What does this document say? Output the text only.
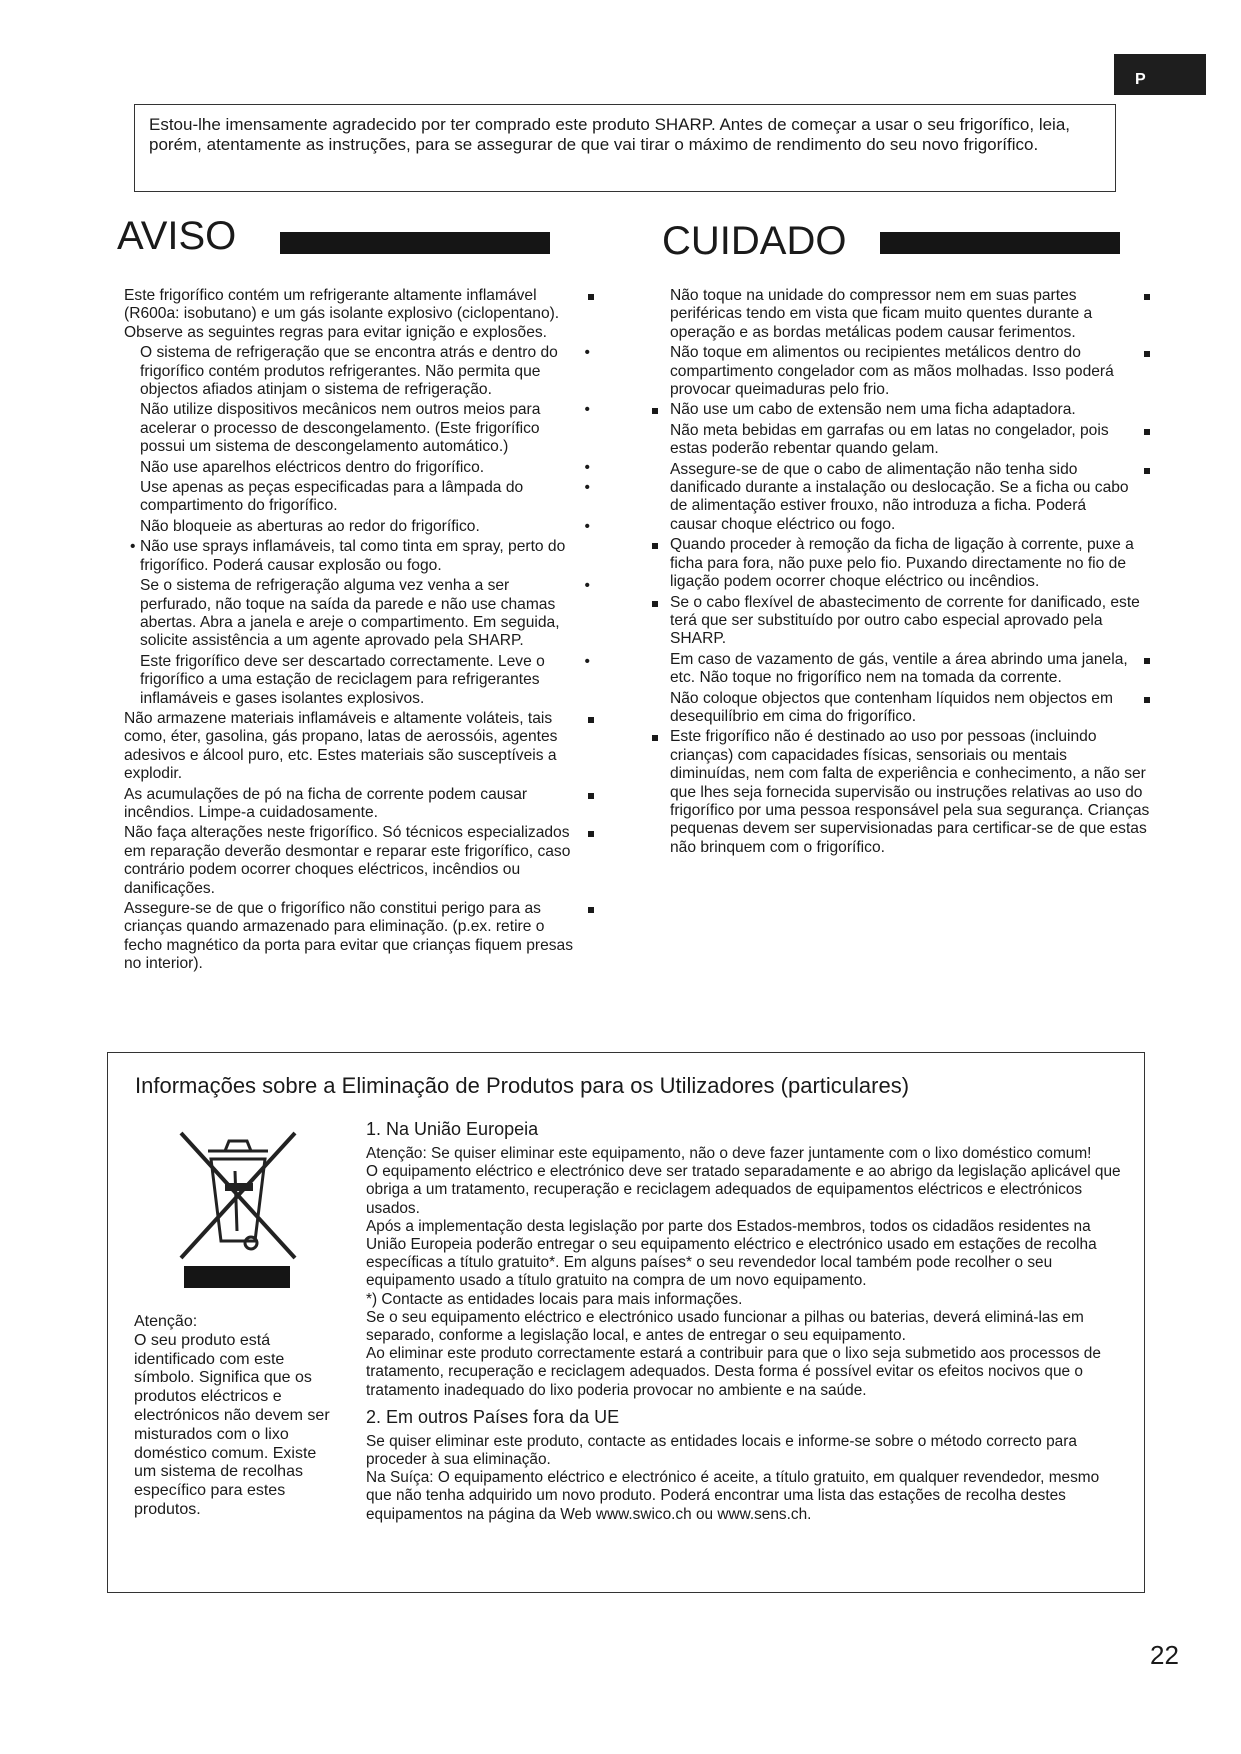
P
Estou-lhe imensamente agradecido por ter comprado este produto SHARP. Antes de começar a usar o seu frigorífico, leia, porém, atentamente as instruções, para se assegurar de que vai tirar o máximo de rendimento do seu novo frigorífico.
AVISO

Este frigorífico contém um refrigerante altamente inflamável (R600a: isobutano) e um gás isolante explosivo (ciclopentano). Observe as seguintes regras para evitar ignição e explosões.

O sistema de refrigeração que se encontra atrás e dentro do frigorífico contém produtos refrigerantes. Não permita que objectos afiados atinjam o sistema de refrigeração. •

Não utilize dispositivos mecânicos nem outros meios para acelerar o processo de descongelamento. (Este frigorífico possui um sistema de descongelamento automático.) •

Não use aparelhos eléctricos dentro do frigorífico. •

Use apenas as peças especificadas para a lâmpada do compartimento do frigorífico. •

Não bloqueie as aberturas ao redor do frigorífico. •

• Não use sprays inflamáveis, tal como tinta em spray, perto do frigorífico. Poderá causar explosão ou fogo.

Se o sistema de refrigeração alguma vez venha a ser perfurado, não toque na saída da parede e não use chamas abertas. Abra a janela e areje o compartimento. Em seguida, solicite assistência a um agente aprovado pela SHARP. •

Este frigorífico deve ser descartado correctamente. Leve o frigorífico a uma estação de reciclagem para refrigerantes inflamáveis e gases isolantes explosivos. •

Não armazene materiais inflamáveis e altamente voláteis, tais como, éter, gasolina, gás propano, latas de aerossóis, agentes adesivos e álcool puro, etc. Estes materiais são susceptíveis a explodir.

As acumulações de pó na ficha de corrente podem causar incêndios. Limpe-a cuidadosamente.

Não faça alterações neste frigorífico. Só técnicos especializados em reparação deverão desmontar e reparar este frigorífico, caso contrário podem ocorrer choques eléctricos, incêndios ou danificações.

Assegure-se de que o frigorífico não constitui perigo para as crianças quando armazenado para eliminação. (p.ex. retire o fecho magnético da porta para evitar que crianças fiquem presas no interior).

CUIDADO

Não toque na unidade do compressor nem em suas partes periféricas tendo em vista que ficam muito quentes durante a operação e as bordas metálicas podem causar ferimentos.

Não toque em alimentos ou recipientes metálicos dentro do compartimento congelador com as mãos molhadas. Isso poderá provocar queimaduras pelo frio.

Não use um cabo de extensão nem uma ficha adaptadora.

Não meta bebidas em garrafas ou em latas no congelador, pois estas poderão rebentar quando gelam.

Assegure-se de que o cabo de alimentação não tenha sido danificado durante a instalação ou deslocação. Se a ficha ou cabo de alimentação estiver frouxo, não introduza a ficha. Poderá causar choque eléctrico ou fogo.

Quando proceder à remoção da ficha de ligação à corrente, puxe a ficha para fora, não puxe pelo fio. Puxando directamente no fio de ligação podem ocorrer choque eléctrico ou incêndios.

Se o cabo flexível de abastecimento de corrente for danificado, este terá que ser substituído por outro cabo especial aprovado pela SHARP.

Em caso de vazamento de gás, ventile a área abrindo uma janela, etc. Não toque no frigorífico nem na tomada da corrente.

Não coloque objectos que contenham líquidos nem objectos em desequilíbrio em cima do frigorífico.

Este frigorífico não é destinado ao uso por pessoas (incluindo crianças) com capacidades físicas, sensoriais ou mentais diminuídas, nem com falta de experiência e conhecimento, a não ser que lhes seja fornecida supervisão ou instruções relativas ao uso do frigorífico por uma pessoa responsável pela sua segurança. Crianças pequenas devem ser supervisionadas para certificar-se de que estas não brinquem com o frigorífico.

Informações sobre a Eliminação de Produtos para os Utilizadores (particulares)
Atenção:
O seu produto está identificado com este símbolo. Significa que os produtos eléctricos e electrónicos não devem ser misturados com o lixo doméstico comum. Existe um sistema de recolhas específico para estes produtos.
1. Na União Europeia

Atenção: Se quiser eliminar este equipamento, não o deve fazer juntamente com o lixo doméstico comum!

O equipamento eléctrico e electrónico deve ser tratado separadamente e ao abrigo da legislação aplicável que obriga a um tratamento, recuperação e reciclagem adequados de equipamentos eléctricos e electrónicos usados.

Após a implementação desta legislação por parte dos Estados-membros, todos os cidadãos residentes na União Europeia poderão entregar o seu equipamento eléctrico e electrónico usado em estações de recolha específicas a título gratuito*. Em alguns países* o seu revendedor local também pode recolher o seu equipamento usado a título gratuito na compra de um novo equipamento.

*) Contacte as entidades locais para mais informações.

Se o seu equipamento eléctrico e electrónico usado funcionar a pilhas ou baterias, deverá eliminá-las em separado, conforme a legislação local, e antes de entregar o seu equipamento.

Ao eliminar este produto correctamente estará a contribuir para que o lixo seja submetido aos processos de tratamento, recuperação e reciclagem adequados. Desta forma é possível evitar os efeitos nocivos que o tratamento inadequado do lixo poderia provocar no ambiente e na saúde.

2. Em outros Países fora da UE

Se quiser eliminar este produto, contacte as entidades locais e informe-se sobre o método correcto para proceder à sua eliminação.

Na Suíça: O equipamento eléctrico e electrónico é aceite, a título gratuito, em qualquer revendedor, mesmo que não tenha adquirido um novo produto. Poderá encontrar uma lista das estações de recolha destes equipamentos na página da Web www.swico.ch ou www.sens.ch.

22
